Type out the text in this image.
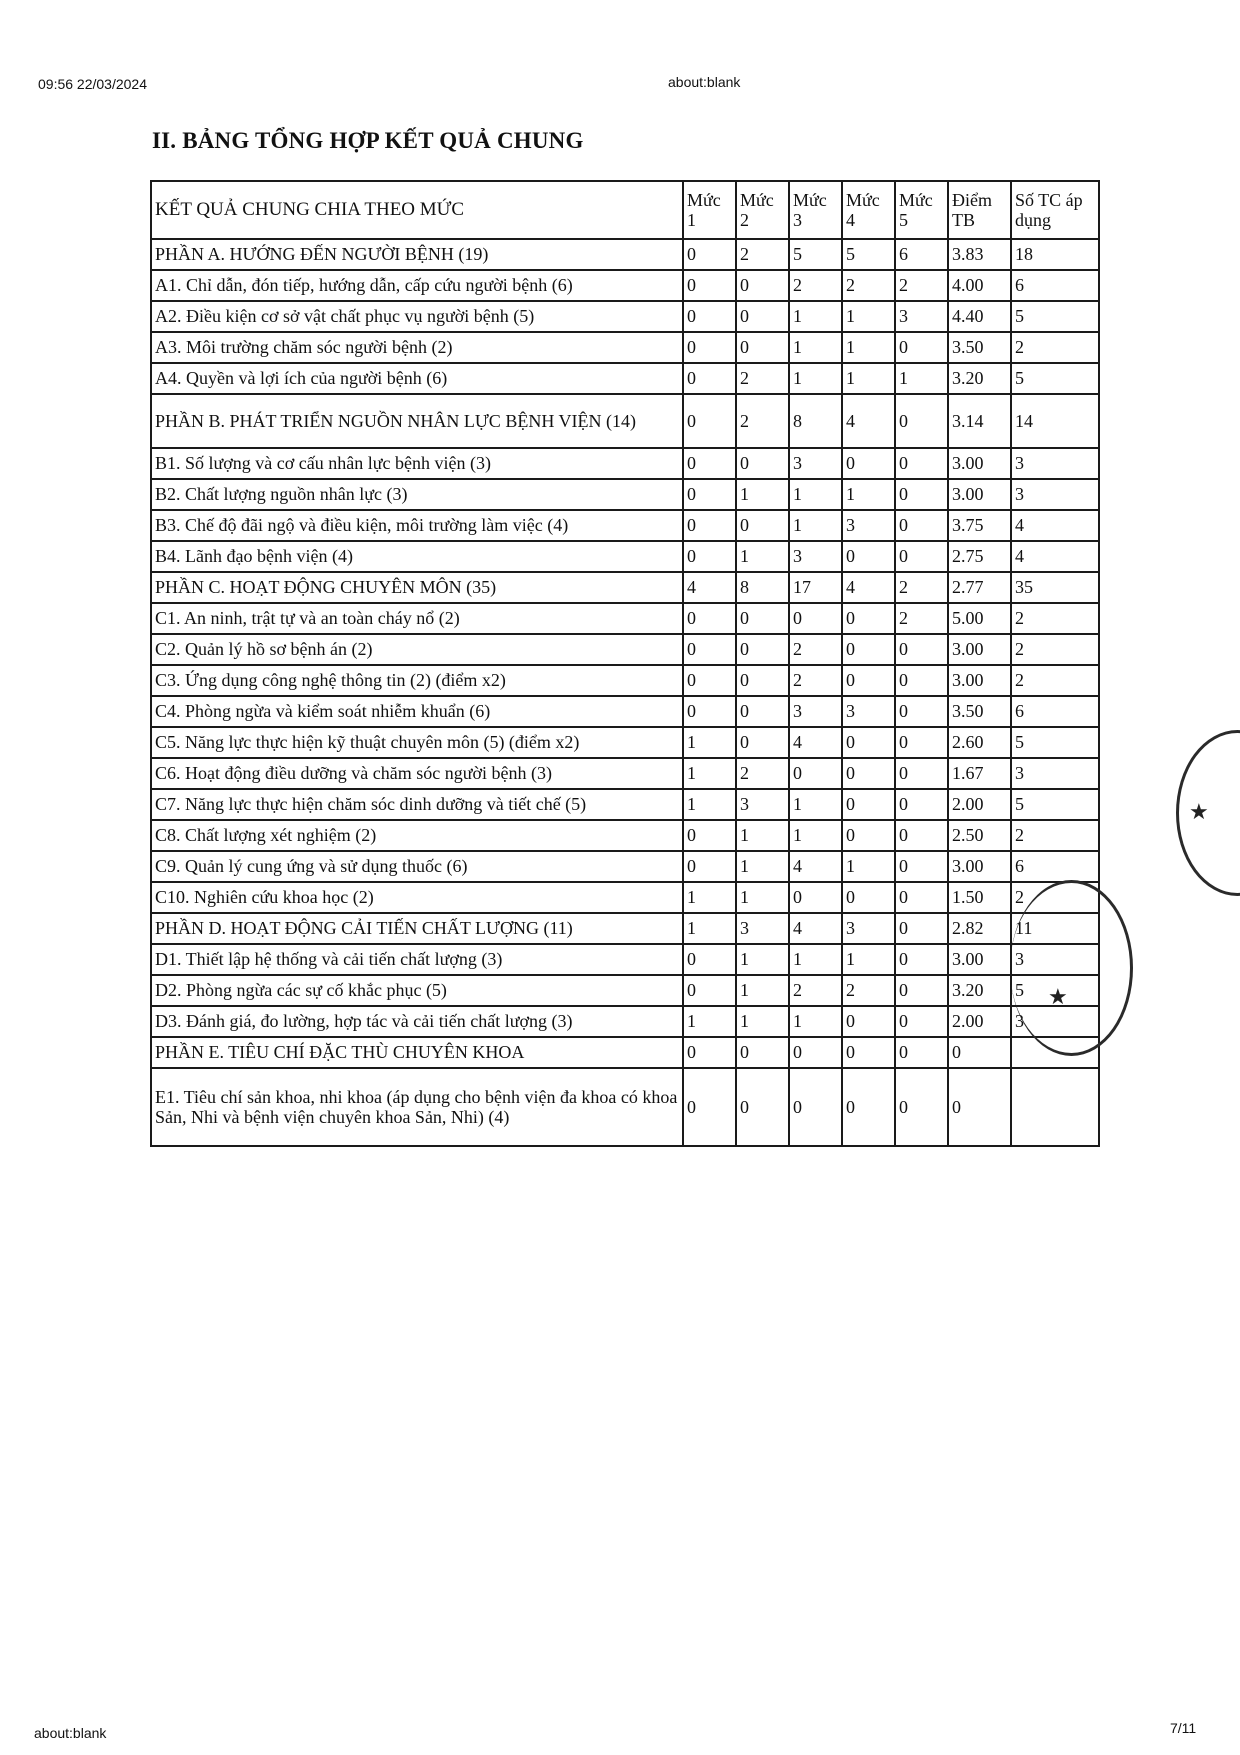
09:56 22/03/2024	about:blank
II. BẢNG TỔNG HỢP KẾT QUẢ CHUNG
KẾT QUẢ CHUNG CHIA THEO MỨC	Mức 1	Mức 2	Mức 3	Mức 4	Mức 5	Điểm TB	Số TC áp dụng
PHẦN A. HƯỚNG ĐẾN NGƯỜI BỆNH (19)	0	2	5	5	6	3.83	18
A1. Chỉ dẫn, đón tiếp, hướng dẫn, cấp cứu người bệnh (6)	0	0	2	2	2	4.00	6
A2. Điều kiện cơ sở vật chất phục vụ người bệnh (5)	0	0	1	1	3	4.40	5
A3. Môi trường chăm sóc người bệnh (2)	0	0	1	1	0	3.50	2
A4. Quyền và lợi ích của người bệnh (6)	0	2	1	1	1	3.20	5
PHẦN B. PHÁT TRIỂN NGUỒN NHÂN LỰC BỆNH VIỆN (14)	0	2	8	4	0	3.14	14
B1. Số lượng và cơ cấu nhân lực bệnh viện (3)	0	0	3	0	0	3.00	3
B2. Chất lượng nguồn nhân lực (3)	0	1	1	1	0	3.00	3
B3. Chế độ đãi ngộ và điều kiện, môi trường làm việc (4)	0	0	1	3	0	3.75	4
B4. Lãnh đạo bệnh viện (4)	0	1	3	0	0	2.75	4
PHẦN C. HOẠT ĐỘNG CHUYÊN MÔN (35)	4	8	17	4	2	2.77	35
C1. An ninh, trật tự và an toàn cháy nổ (2)	0	0	0	0	2	5.00	2
C2. Quản lý hồ sơ bệnh án (2)	0	0	2	0	0	3.00	2
C3. Ứng dụng công nghệ thông tin (2) (điểm x2)	0	0	2	0	0	3.00	2
C4. Phòng ngừa và kiểm soát nhiễm khuẩn (6)	0	0	3	3	0	3.50	6
C5. Năng lực thực hiện kỹ thuật chuyên môn (5) (điểm x2)	1	0	4	0	0	2.60	5
C6. Hoạt động điều dưỡng và chăm sóc người bệnh (3)	1	2	0	0	0	1.67	3
C7. Năng lực thực hiện chăm sóc dinh dưỡng và tiết chế (5)	1	3	1	0	0	2.00	5
C8. Chất lượng xét nghiệm (2)	0	1	1	0	0	2.50	2
C9. Quản lý cung ứng và sử dụng thuốc (6)	0	1	4	1	0	3.00	6
C10. Nghiên cứu khoa học (2)	1	1	0	0	0	1.50	2
PHẦN D. HOẠT ĐỘNG CẢI TIẾN CHẤT LƯỢNG (11)	1	3	4	3	0	2.82	11
D1. Thiết lập hệ thống và cải tiến chất lượng (3)	0	1	1	1	0	3.00	3
D2. Phòng ngừa các sự cố khắc phục (5)	0	1	2	2	0	3.20	5
D3. Đánh giá, đo lường, hợp tác và cải tiến chất lượng (3)	1	1	1	0	0	2.00	3
PHẦN E. TIÊU CHÍ ĐẶC THÙ CHUYÊN KHOA	0	0	0	0	0	0	
E1. Tiêu chí sản khoa, nhi khoa (áp dụng cho bệnh viện đa khoa có khoa Sản, Nhi và bệnh viện chuyên khoa Sản, Nhi) (4)	0	0	0	0	0	0	
★
★
about:blank	7/11
